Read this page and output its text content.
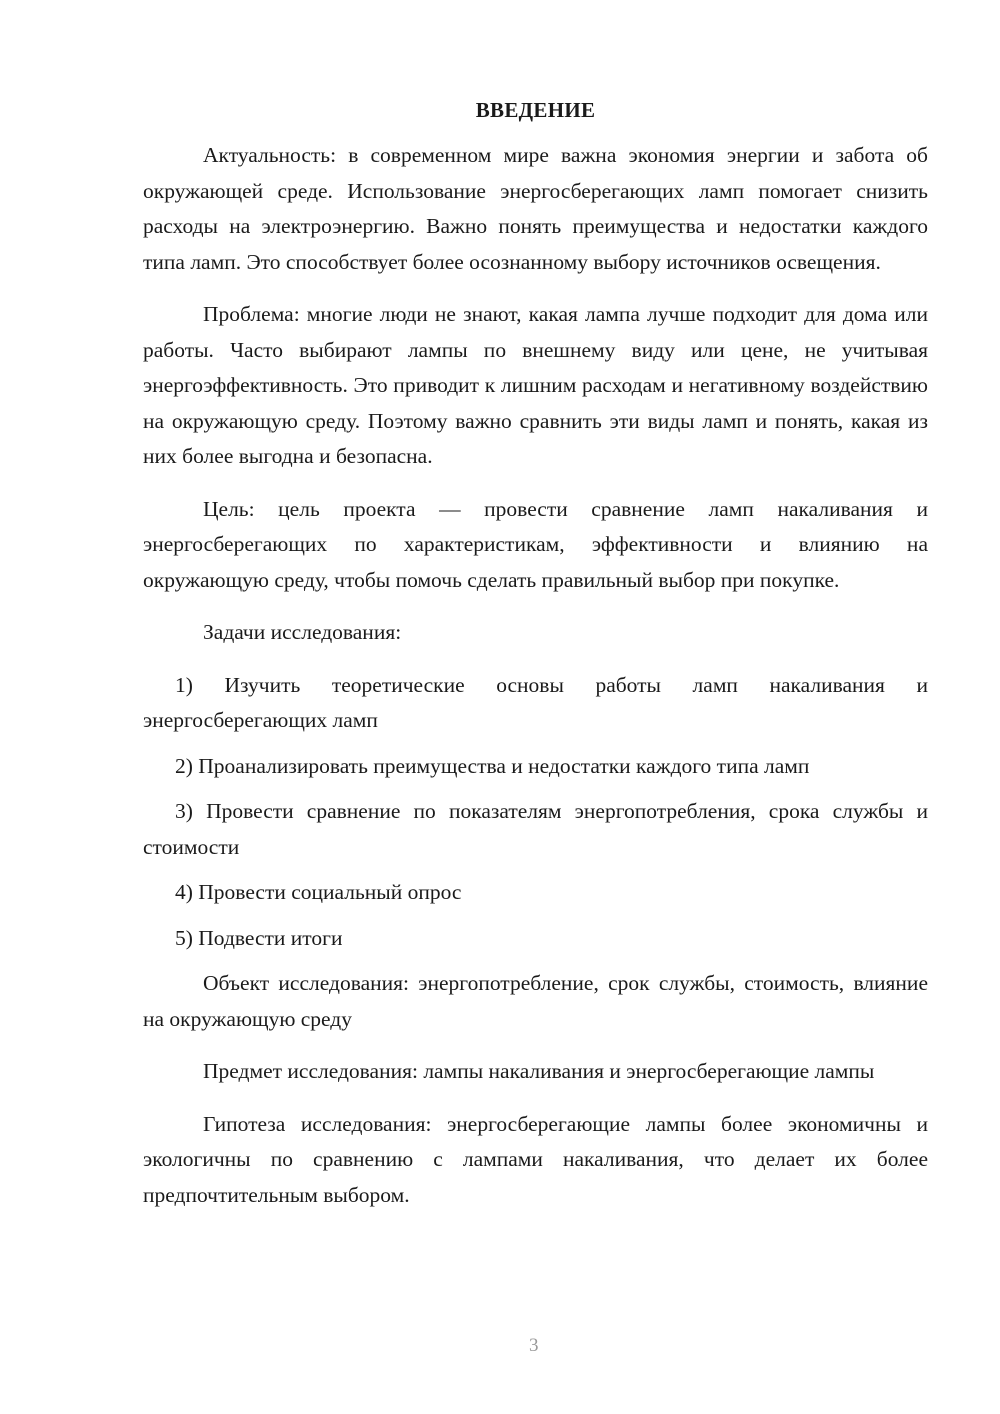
ВВЕДЕНИЕ

Актуальность: в современном мире важна экономия энергии и забота об окружающей среде. Использование энергосберегающих ламп помогает снизить расходы на электроэнергию. Важно понять преимущества и недостатки каждого типа ламп. Это способствует более осознанному выбору источников освещения.

Проблема: многие люди не знают, какая лампа лучше подходит для дома или работы. Часто выбирают лампы по внешнему виду или цене, не учитывая энергоэффективность. Это приводит к лишним расходам и негативному воздействию на окружающую среду. Поэтому важно сравнить эти виды ламп и понять, какая из них более выгодна и безопасна.

Цель: цель проекта — провести сравнение ламп накаливания и энергосберегающих по характеристикам, эффективности и влиянию на окружающую среду, чтобы помочь сделать правильный выбор при покупке.

Задачи исследования:

1) Изучить теоретические основы работы ламп накаливания и энергосберегающих ламп

2) Проанализировать преимущества и недостатки каждого типа ламп

3) Провести сравнение по показателям энергопотребления, срока службы и стоимости

4) Провести социальный опрос

5) Подвести итоги

Объект исследования: энергопотребление, срок службы, стоимость, влияние на окружающую среду

Предмет исследования: лампы накаливания и энергосберегающие лампы

Гипотеза исследования: энергосберегающие лампы более экономичны и экологичны по сравнению с лампами накаливания, что делает их более предпочтительным выбором.

3
